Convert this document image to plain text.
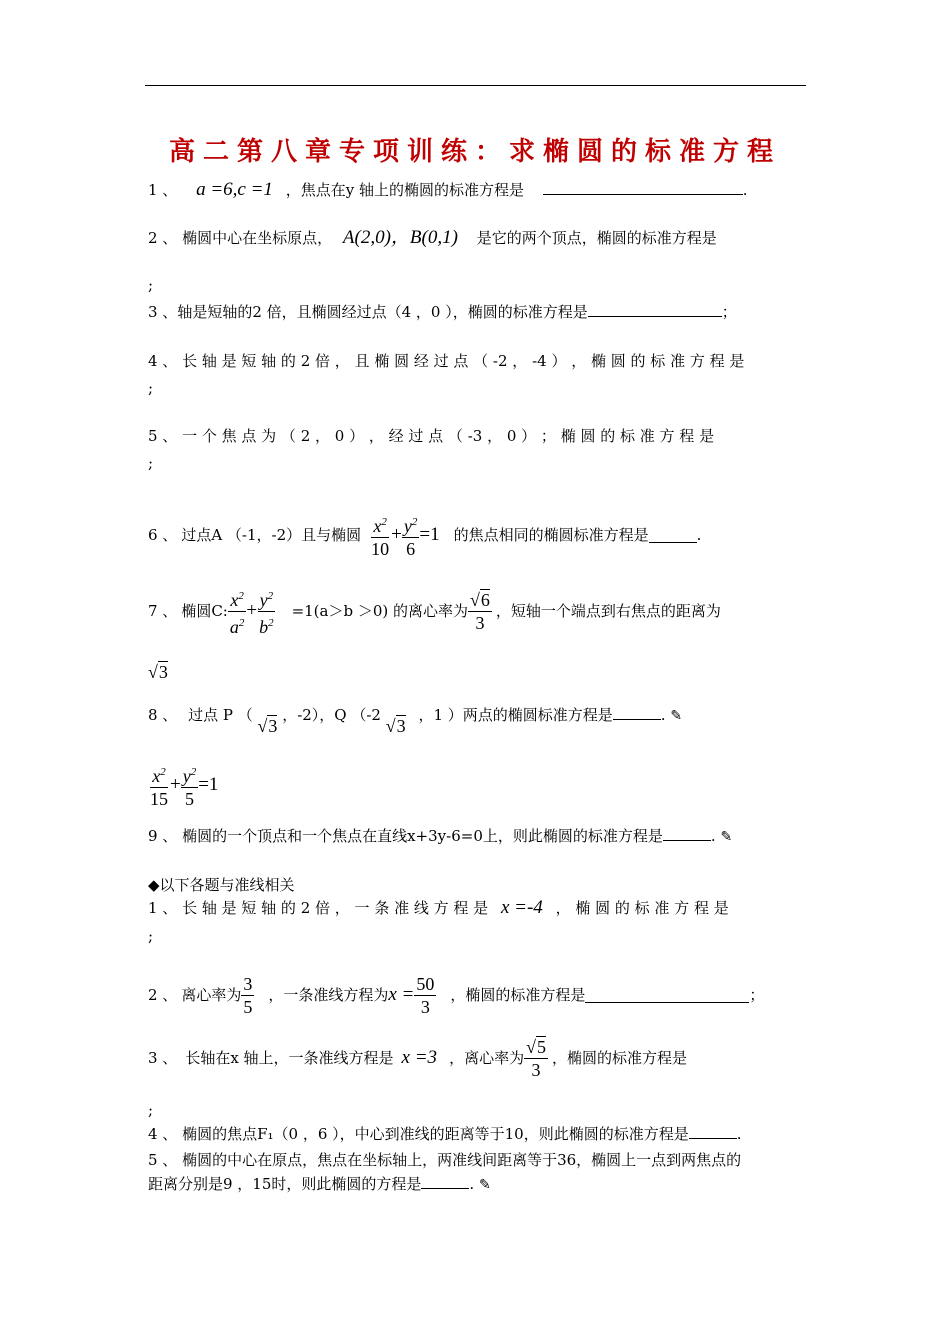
高二第八章专项训练：求椭圆的标准方程
1 、 a =6,c =1 ，焦点在y 轴上的椭圆的标准方程是	.
2 、 椭圆中心在坐标原点， A(2,0)，B(0,1) 是它的两个顶点，椭圆的标准方程是
;
3 、轴是短轴的2 倍，且椭圆经过点（4 ，0 ），椭圆的标准方程是	；
4 、 长 轴 是 短 轴 的 2 倍 ， 且 椭 圆 经 过 点 （ -2 ， -4 ） ， 椭 圆 的 标 准 方 程 是
;
5 、 一 个 焦 点 为 （ 2 ， 0 ） ， 经 过 点 （ -3 ， 0 ） ； 椭 圆 的 标 准 方 程 是
;
6 、 过点A （-1，-2）且与椭圆 $\frac{x^2}{10} + \frac{y^2}{6} =1$ 的焦点相同的椭圆标准方程是	.
7 、 椭圆C: $\frac{x^2}{a^2} + \frac{y^2}{b^2} =1(a>b >0)$ 的离心率为 $\frac{√6}{3}$ ，短轴一个端点到右焦点的距离为
√3
8 、 过点 P （ √3 ，-2），Q （-2 √3 ，1 ）两点的椭圆标准方程是	. ✎
$\frac{x^2}{15} + \frac{y^2}{5} =1$
9 、 椭圆的一个顶点和一个焦点在直线x+3y-6=0上，则此椭圆的标准方程是	. ✎
◆以下各题与准线相关
1 、 长 轴 是 短 轴 的 2 倍 ， 一 条 准 线 方 程 是 x =-4 ， 椭 圆 的 标 准 方 程 是
;
2 、 离心率为 $\frac{3}{5}$ ，一条准线方程为 $x = \frac{50}{3}$ ，椭圆的标准方程是	；
3 、 长轴在x 轴上，一条准线方程是 x =3 ，离心率为 $\frac{√5}{3}$ ，椭圆的标准方程是
;
4 、 椭圆的焦点F₁（0 ，6 ），中心到准线的距离等于10，则此椭圆的标准方程是	.
5 、 椭圆的中心在原点，焦点在坐标轴上，两准线间距离等于36，椭圆上一点到两焦点的
距离分别是9 ，15时，则此椭圆的方程是	. ✎
